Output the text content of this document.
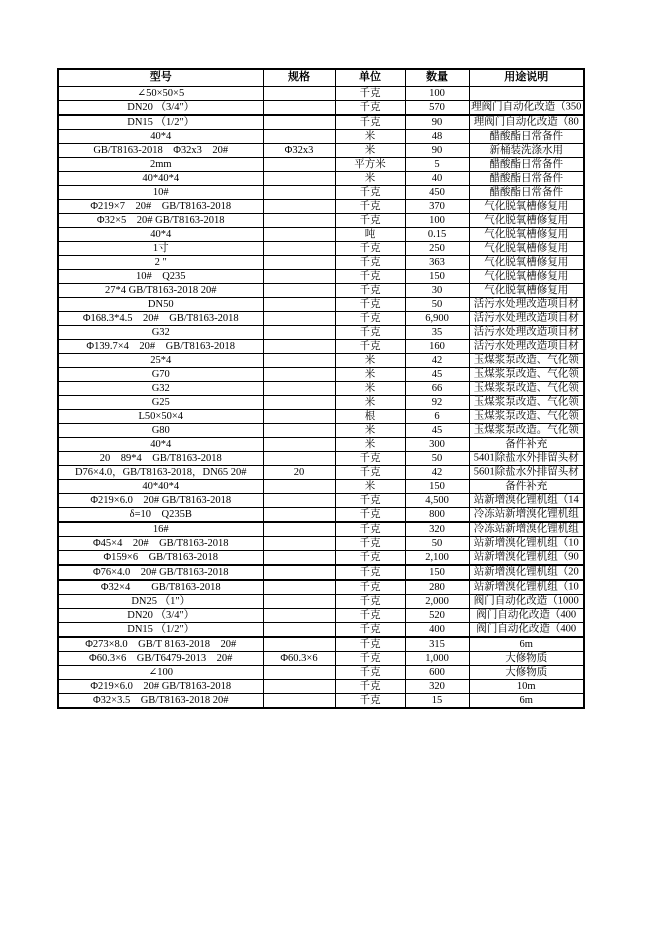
型号	规格	单位	数量	用途说明
∠50×50×5		千克	100	
DN20 （3/4"）		千克	570	理阀门自动化改造（350

DN15 （1/2"）		千克	90	理阀门自动化改造（80

40*4		米	48	醋酸酯日常备件
GB/T8163-2018　Φ32x3　20#	Φ32x3	米	90	新桶装洗涤水用
2mm		平方米	5	醋酸酯日常备件
40*40*4		米	40	醋酸酯日常备件
10#		千克	450	醋酸酯日常备件
Φ219×7　20#　GB/T8163-2018		千克	370	气化脱氧槽修复用
Φ32×5　20# GB/T8163-2018		千克	100	气化脱氧槽修复用
40*4		吨	0.15	气化脱氧槽修复用
1寸		千克	250	气化脱氧槽修复用
2 "		千克	363	气化脱氧槽修复用
10#　Q235		千克	150	气化脱氧槽修复用
27*4 GB/T8163-2018 20#		千克	30	气化脱氧槽修复用
DN50		千克	50	活污水处理改造项目材

Φ168.3*4.5　20#　GB/T8163-2018		千克	6,900	活污水处理改造项目材

G32		千克	35	活污水处理改造项目材

Φ139.7×4　20#　GB/T8163-2018		千克	160	活污水处理改造项目材

25*4		米	42	玉煤浆泵改造、气化领

G70		米	45	玉煤浆泵改造、气化领

G32		米	66	玉煤浆泵改造、气化领

G25		米	92	玉煤浆泵改造、气化领

L50×50×4		根	6	玉煤浆泵改造、气化领

G80		米	45	玉煤浆泵改造。气化领

40*4		米	300	备件补充
20　89*4　GB/T8163-2018		千克	50	5401除盐水外排留头材

D76×4.0，GB/T8163-2018，DN65 20#	20	千克	42	5601除盐水外排留头材

40*40*4		米	150	备件补充
Φ219×6.0　20# GB/T8163-2018		千克	4,500	站新增溴化锂机组（14

δ=10　Q235B		千克	800	冷冻站新增溴化锂机组

16#		千克	320	冷冻站新增溴化锂机组

Φ45×4　20#　GB/T8163-2018		千克	50	站新增溴化锂机组（10

Φ159×6　GB/T8163-2018		千克	2,100	站新增溴化锂机组（90

Φ76×4.0　20# GB/T8163-2018		千克	150	站新增溴化锂机组（20

Φ32×4　　GB/T8163-2018		千克	280	站新增溴化锂机组（10

DN25 （1"）		千克	2,000	阀门自动化改造（1000

DN20 （3/4"）		千克	520	阀门自动化改造（400

DN15 （1/2"）		千克	400	阀门自动化改造（400

Φ273×8.0　GB/T 8163-2018　20#		千克	315	6m
Φ60.3×6　GB/T6479-2013　20#	Φ60.3×6	千克	1,000	大修物质
∠100		千克	600	大修物质
Φ219×6.0　20# GB/T8163-2018		千克	320	10m
Φ32×3.5　GB/T8163-2018 20#		千克	15	6m
